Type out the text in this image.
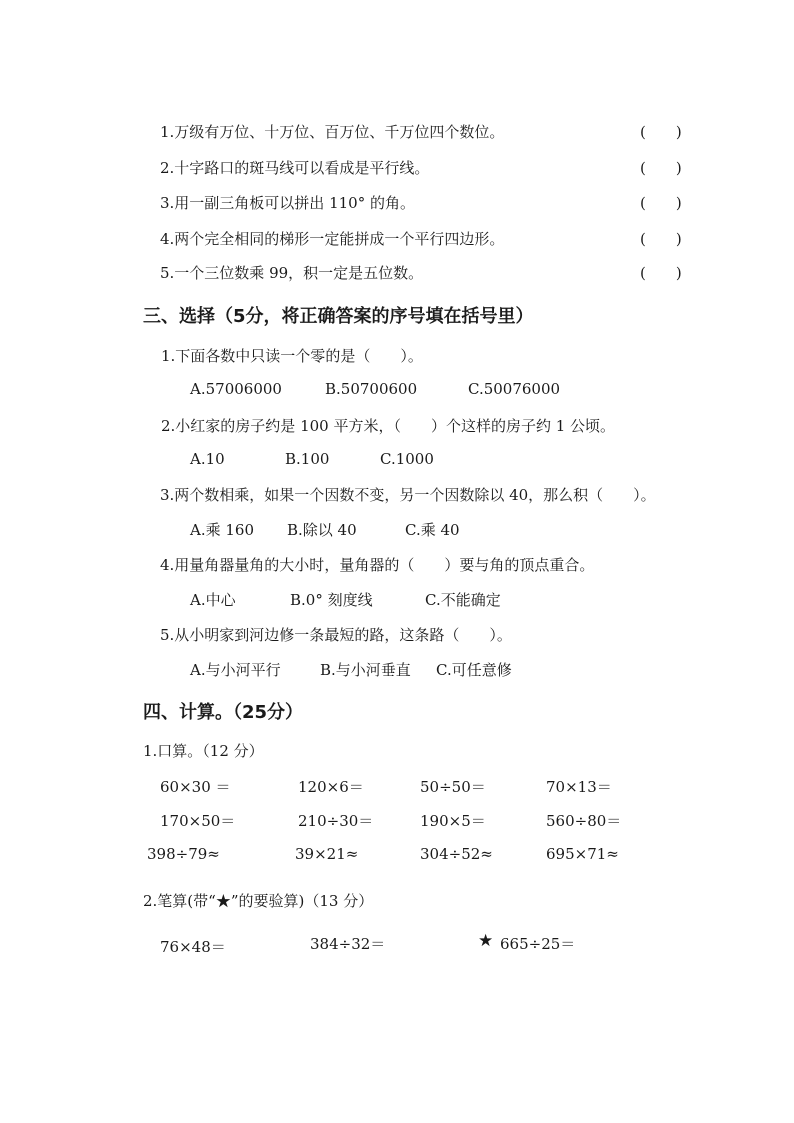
1.万级有万位、十万位、百万位、千万位四个数位。	(　　)
2.十字路口的斑马线可以看成是平行线。	(　　)
3.用一副三角板可以拼出 110° 的角。	(　　)
4.两个完全相同的梯形一定能拼成一个平行四边形。	(　　)
5.一个三位数乘 99，积一定是五位数。	(　　)
三、选择（5分，将正确答案的序号填在括号里）
1.下面各数中只读一个零的是（　　）。
A.57006000	B.50700600	C.50076000
2.小红家的房子约是 100 平方米，（　　）个这样的房子约 1 公顷。
A.10	B.100	C.1000
3.两个数相乘，如果一个因数不变，另一个因数除以 40，那么积（　　）。
A.乘 160 B.除以 40	C.乘 40
4.用量角器量角的大小时，量角器的（　　）要与角的顶点重合。
A.中心	B.0° 刻度线	C.不能确定
5.从小明家到河边修一条最短的路，这条路（　　）。
A.与小河平行	B.与小河垂直 C.可任意修
四、计算。（25分）
1.口算。（12 分）
60×30 ＝	120×6＝	50÷50＝	70×13＝
170×50＝	210÷30＝	190×5＝	560÷80＝
398÷79≈	39×21≈	304÷52≈	695×71≈
2.笔算(带“★”的要验算)（13 分）
76×48＝	384÷32＝	★ 665÷25＝
